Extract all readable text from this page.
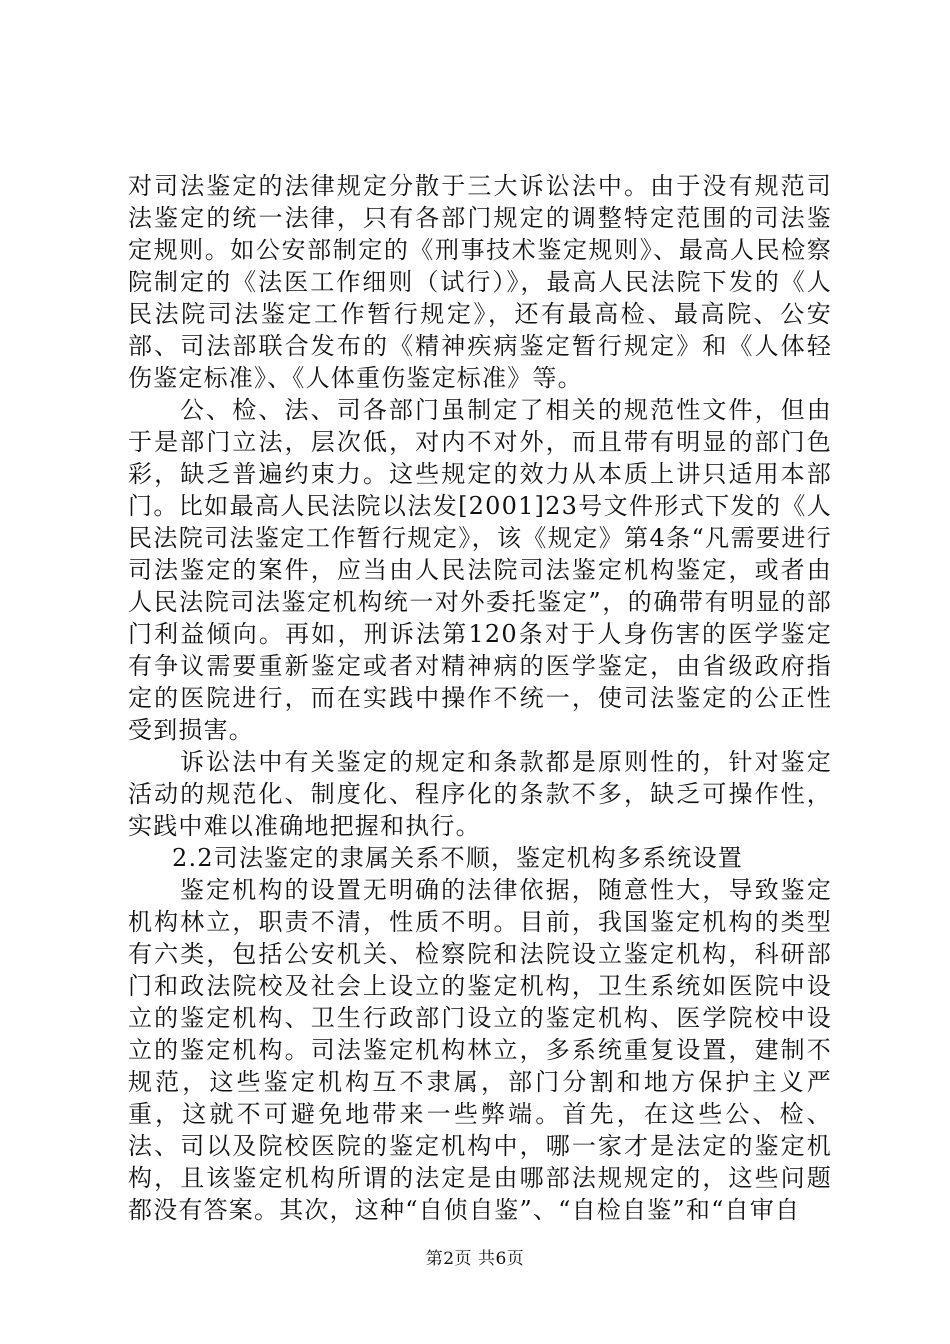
对司法鉴定的法律规定分散于三大诉讼法中。由于没有规范司法鉴定的统一法律，只有各部门规定的调整特定范围的司法鉴定规则。如公安部制定的《刑事技术鉴定规则》、最高人民检察院制定的《法医工作细则（试行）》，最高人民法院下发的《人民法院司法鉴定工作暂行规定》，还有最高检、最高院、公安部、司法部联合发布的《精神疾病鉴定暂行规定》和《人体轻伤鉴定标准》、《人体重伤鉴定标准》等。

公、检、法、司各部门虽制定了相关的规范性文件，但由于是部门立法，层次低，对内不对外，而且带有明显的部门色彩，缺乏普遍约束力。这些规定的效力从本质上讲只适用本部门。比如最高人民法院以法发[2001]23号文件形式下发的《人民法院司法鉴定工作暂行规定》，该《规定》第4条“凡需要进行司法鉴定的案件，应当由人民法院司法鉴定机构鉴定，或者由人民法院司法鉴定机构统一对外委托鉴定”，的确带有明显的部门利益倾向。再如，刑诉法第120条对于人身伤害的医学鉴定有争议需要重新鉴定或者对精神病的医学鉴定，由省级政府指定的医院进行，而在实践中操作不统一，使司法鉴定的公正性受到损害。

诉讼法中有关鉴定的规定和条款都是原则性的，针对鉴定活动的规范化、制度化、程序化的条款不多，缺乏可操作性，实践中难以准确地把握和执行。

2.2司法鉴定的隶属关系不顺，鉴定机构多系统设置

鉴定机构的设置无明确的法律依据，随意性大，导致鉴定机构林立，职责不清，性质不明。目前，我国鉴定机构的类型有六类，包括公安机关、检察院和法院设立鉴定机构，科研部门和政法院校及社会上设立的鉴定机构，卫生系统如医院中设立的鉴定机构、卫生行政部门设立的鉴定机构、医学院校中设立的鉴定机构。司法鉴定机构林立，多系统重复设置，建制不规范，这些鉴定机构互不隶属，部门分割和地方保护主义严重，这就不可避免地带来一些弊端。首先，在这些公、检、法、司以及院校医院的鉴定机构中，哪一家才是法定的鉴定机构，且该鉴定机构所谓的法定是由哪部法规规定的，这些问题都没有答案。其次，这种“自侦自鉴”、“自检自鉴”和“自审自

第2页 共6页
